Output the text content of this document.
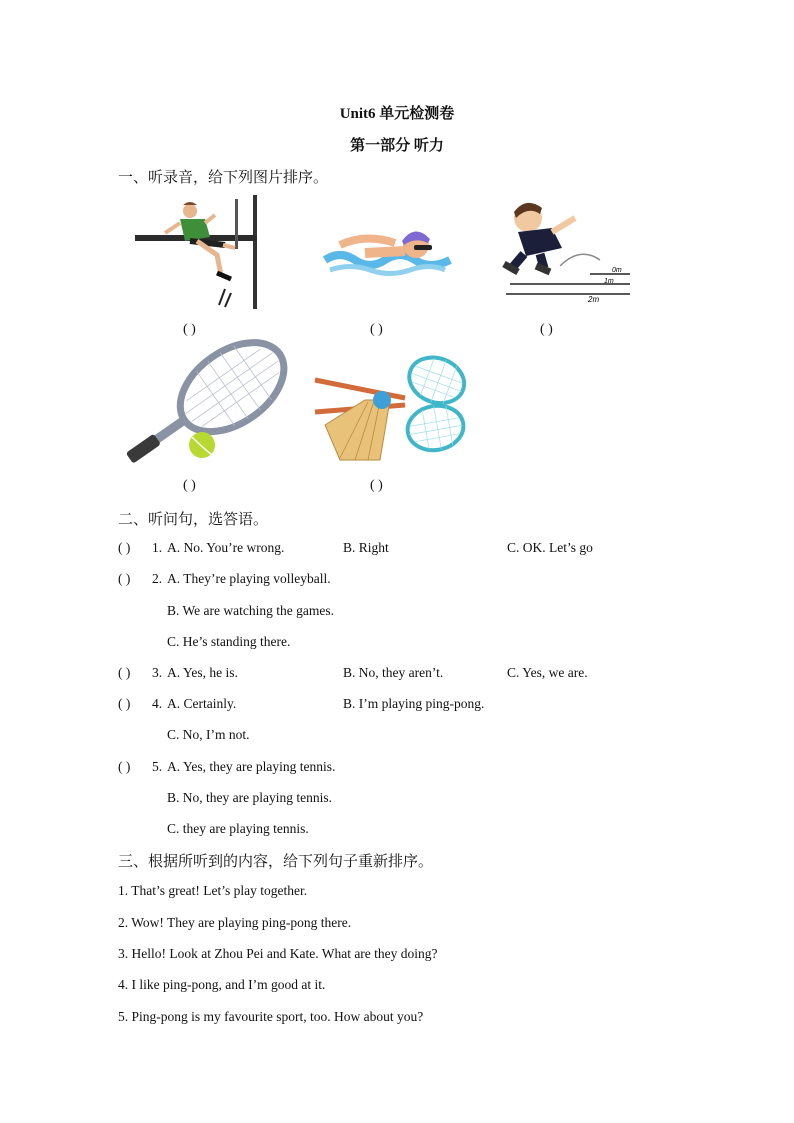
Unit6 单元检测卷
第一部分 听力
一、听录音，给下列图片排序。
( )	( )
0m
1m
2m
( )
( )	( )
二、听问句，选答语。
( ) 1. A. No. You’re wrong.	B. Right	C. OK. Let’s go
( ) 2. A. They’re playing volleyball.
B. We are watching the games.
C. He’s standing there.
( ) 3. A. Yes, he is.	B. No, they aren’t.	C. Yes, we are.
( ) 4. A. Certainly.	B. I’m playing ping-pong.
C. No, I’m not.
( ) 5. A. Yes, they are playing tennis.
B. No, they are playing tennis.
C. they are playing tennis.
三、根据所听到的内容，给下列句子重新排序。
1. That’s great! Let’s play together.
2. Wow! They are playing ping-pong there.
3. Hello! Look at Zhou Pei and Kate. What are they doing?
4. I like ping-pong, and I’m good at it.
5. Ping-pong is my favourite sport, too. How about you?
